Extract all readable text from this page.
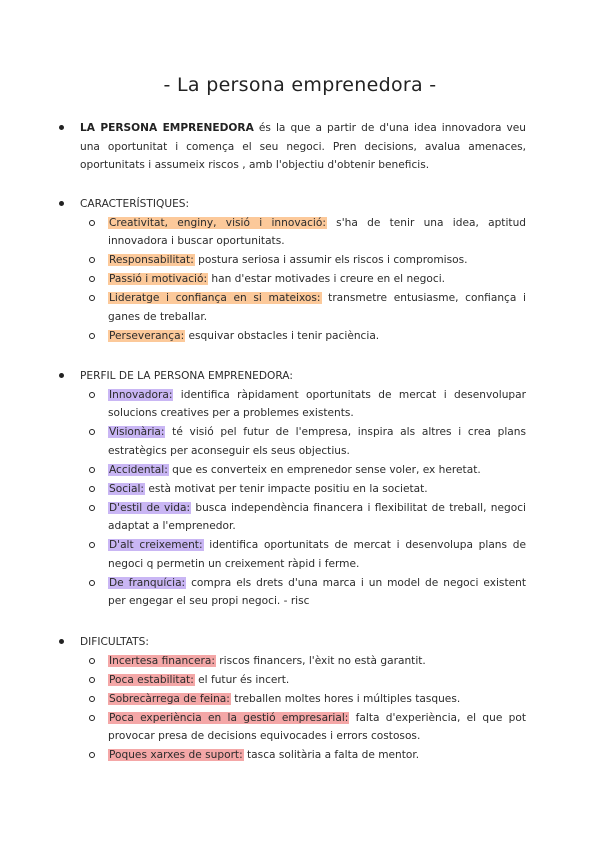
- La persona emprenedora -
LA PERSONA EMPRENEDORA és la que a partir de d'una idea innovadora veu una oportunitat i comença el seu negoci. Pren decisions, avalua amenaces, oportunitats i assumeix riscos , amb l'objectiu d'obtenir beneficis.
CARACTERÍSTIQUES:
Creativitat, enginy, visió i innovació: s'ha de tenir una idea, aptitud innovadora i buscar oportunitats.
Responsabilitat: postura seriosa i assumir els riscos i compromisos.
Passió i motivació: han d'estar motivades i creure en el negoci.
Lideratge i confiança en si mateixos: transmetre entusiasme, confiança i ganes de treballar.
Perseverança: esquivar obstacles i tenir paciència.
PERFIL DE LA PERSONA EMPRENEDORA:
Innovadora: identifica ràpidament oportunitats de mercat i desenvolupar solucions creatives per a problemes existents.
Visionària: té visió pel futur de l'empresa, inspira als altres i crea plans estratègics per aconseguir els seus objectius.
Accidental: que es converteix en emprenedor sense voler, ex heretat.
Social: està motivat per tenir impacte positiu en la societat.
D'estil de vida: busca independència financera i flexibilitat de treball, negoci adaptat a l'emprenedor.
D'alt creixement: identifica oportunitats de mercat i desenvolupa plans de negoci q permetin un creixement ràpid i ferme.
De franquícia: compra els drets d'una marca i un model de negoci existent per engegar el seu propi negoci. - risc
DIFICULTATS:
Incertesa financera: riscos financers, l'èxit no està garantit.
Poca estabilitat: el futur és incert.
Sobrecàrrega de feina: treballen moltes hores i múltiples tasques.
Poca experiència en la gestió empresarial: falta d'experiència, el que pot provocar presa de decisions equivocades i errors costosos.
Poques xarxes de suport: tasca solitària a falta de mentor.
